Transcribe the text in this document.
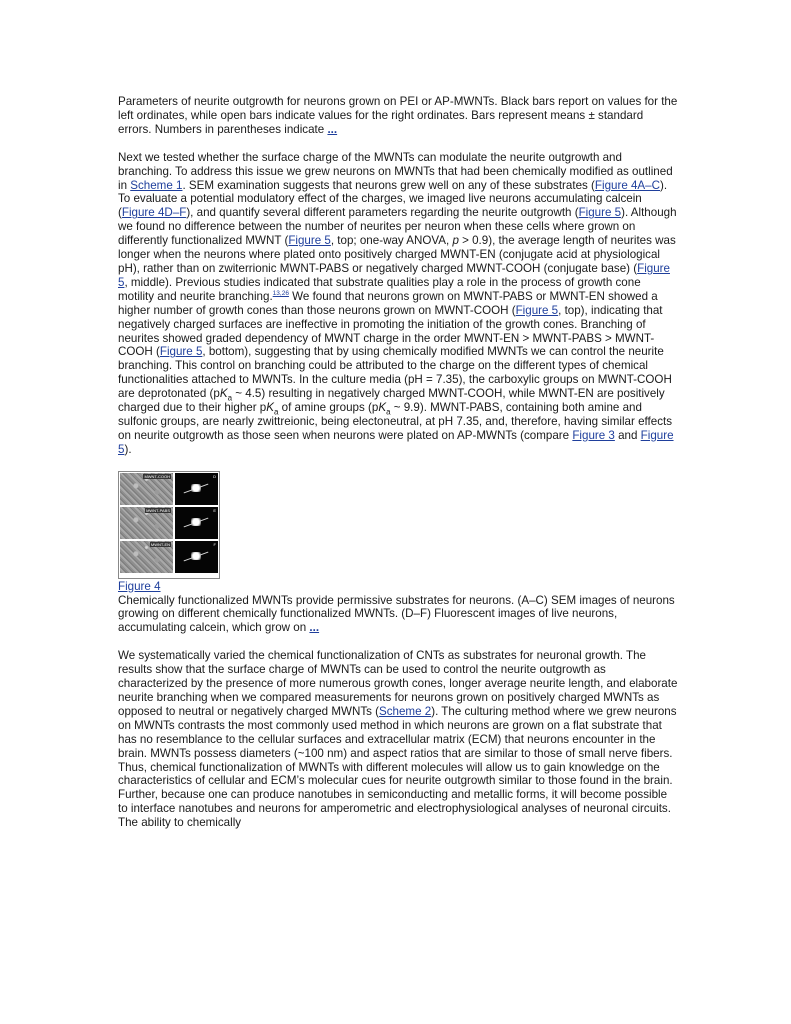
Parameters of neurite outgrowth for neurons grown on PEI or AP-MWNTs. Black bars report on values for the left ordinates, while open bars indicate values for the right ordinates. Bars represent means ± standard errors. Numbers in parentheses indicate ...

Next we tested whether the surface charge of the MWNTs can modulate the neurite outgrowth and branching. To address this issue we grew neurons on MWNTs that had been chemically modified as outlined in Scheme 1. SEM examination suggests that neurons grew well on any of these substrates (Figure 4A–C). To evaluate a potential modulatory effect of the charges, we imaged live neurons accumulating calcein (Figure 4D–F), and quantify several different parameters regarding the neurite outgrowth (Figure 5). Although we found no difference between the number of neurites per neuron when these cells where grown on differently functionalized MWNT (Figure 5, top; one-way ANOVA, p > 0.9), the average length of neurites was longer when the neurons where plated onto positively charged MWNT-EN (conjugate acid at physiological pH), rather than on zwiterrionic MWNT-PABS or negatively charged MWNT-COOH (conjugate base) (Figure 5, middle). Previous studies indicated that substrate qualities play a role in the process of growth cone motility and neurite branching.$^{13,26}$ We found that neurons grown on MWNT-PABS or MWNT-EN showed a higher number of growth cones than those neurons grown on MWNT-COOH (Figure 5, top), indicating that negatively charged surfaces are ineffective in promoting the initiation of the growth cones. Branching of neurites showed graded dependency of MWNT charge in the order MWNT-EN > MWNT-PABS > MWNT-COOH (Figure 5, bottom), suggesting that by using chemically modified MWNTs we can control the neurite branching. This control on branching could be attributed to the charge on the different types of chemical functionalities attached to MWNTs. In the culture media (pH = 7.35), the carboxylic groups on MWNT-COOH are deprotonated ($pK_a$ ~ 4.5) resulting in negatively charged MWNT-COOH, while MWNT-EN are positively charged due to their higher $pK_a$ of amine groups ($pK_a$ ~ 9.9). MWNT-PABS, containing both amine and sulfonic groups, are nearly zwittreionic, being electoneutral, at pH 7.35, and, therefore, having similar effects on neurite outgrowth as those seen when neurons were plated on AP-MWNTs (compare Figure 3 and Figure 5).

MWNT-COOH	D
MWNT-PABS	E
MWNT-EN	F
Figure 4

Chemically functionalized MWNTs provide permissive substrates for neurons. (A–C) SEM images of neurons growing on different chemically functionalized MWNTs. (D–F) Fluorescent images of live neurons, accumulating calcein, which grow on ...

We systematically varied the chemical functionalization of CNTs as substrates for neuronal growth. The results show that the surface charge of MWNTs can be used to control the neurite outgrowth as characterized by the presence of more numerous growth cones, longer average neurite length, and elaborate neurite branching when we compared measurements for neurons grown on positively charged MWNTs as opposed to neutral or negatively charged MWNTs (Scheme 2). The culturing method where we grew neurons on MWNTs contrasts the most commonly used method in which neurons are grown on a flat substrate that has no resemblance to the cellular surfaces and extracellular matrix (ECM) that neurons encounter in the brain. MWNTs possess diameters (~100 nm) and aspect ratios that are similar to those of small nerve fibers. Thus, chemical functionalization of MWNTs with different molecules will allow us to gain knowledge on the characteristics of cellular and ECM’s molecular cues for neurite outgrowth similar to those found in the brain. Further, because one can produce nanotubes in semiconducting and metallic forms, it will become possible to interface nanotubes and neurons for amperometric and electrophysiological analyses of neuronal circuits. The ability to chemically
